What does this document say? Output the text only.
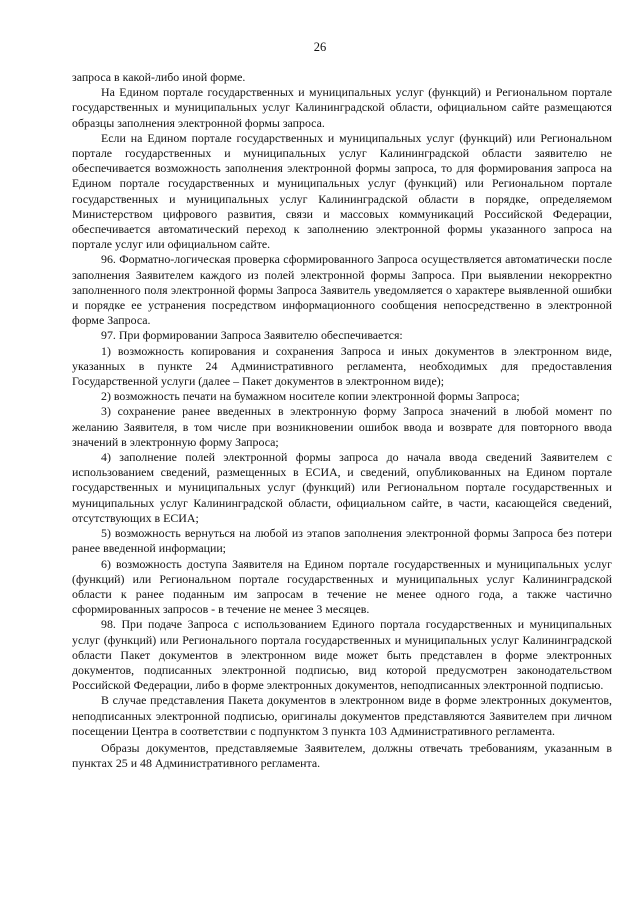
26

запроса в какой-либо иной форме.

На Едином портале государственных и муниципальных услуг (функций) и Региональном портале государственных и муниципальных услуг Калининградской области, официальном сайте размещаются образцы заполнения электронной формы запроса.

Если на Едином портале государственных и муниципальных услуг (функций) или Региональном портале государственных и муниципальных услуг Калининградской области заявителю не обеспечивается возможность заполнения электронной формы запроса, то для формирования запроса на Едином портале государственных и муниципальных услуг (функций) или Региональном портале государственных и муниципальных услуг Калининградской области в порядке, определяемом Министерством цифрового развития, связи и массовых коммуникаций Российской Федерации, обеспечивается автоматический переход к заполнению электронной формы указанного запроса на портале услуг или официальном сайте.

96. Форматно-логическая проверка сформированного Запроса осуществляется автоматически после заполнения Заявителем каждого из полей электронной формы Запроса. При выявлении некорректно заполненного поля электронной формы Запроса Заявитель уведомляется о характере выявленной ошибки и порядке ее устранения посредством информационного сообщения непосредственно в электронной форме Запроса.

97. При формировании Запроса Заявителю обеспечивается:

1) возможность копирования и сохранения Запроса и иных документов в электронном виде, указанных в пункте 24 Административного регламента, необходимых для предоставления Государственной услуги (далее – Пакет документов в электронном виде);

2) возможность печати на бумажном носителе копии электронной формы Запроса;

3) сохранение ранее введенных в электронную форму Запроса значений в любой момент по желанию Заявителя, в том числе при возникновении ошибок ввода и возврате для повторного ввода значений в электронную форму Запроса;

4) заполнение полей электронной формы запроса до начала ввода сведений Заявителем с использованием сведений, размещенных в ЕСИА, и сведений, опубликованных на Едином портале государственных и муниципальных услуг (функций) или Региональном портале государственных и муниципальных услуг Калининградской области, официальном сайте, в части, касающейся сведений, отсутствующих в ЕСИА;

5) возможность вернуться на любой из этапов заполнения электронной формы Запроса без потери ранее введенной информации;

6) возможность доступа Заявителя на Едином портале государственных и муниципальных услуг (функций) или Региональном портале государственных и муниципальных услуг Калининградской области к ранее поданным им запросам в течение не менее одного года, а также частично сформированных запросов - в течение не менее 3 месяцев.

98. При подаче Запроса с использованием Единого портала государственных и муниципальных услуг (функций) или Регионального портала государственных и муниципальных услуг Калининградской области Пакет документов в электронном виде может быть представлен в форме электронных документов, подписанных электронной подписью, вид которой предусмотрен законодательством Российской Федерации, либо в форме электронных документов, неподписанных электронной подписью.

В случае представления Пакета документов в электронном виде в форме электронных документов, неподписанных электронной подписью, оригиналы документов представляются Заявителем при личном посещении Центра в соответствии с подпунктом 3 пункта 103 Административного регламента.

Образы документов, представляемые Заявителем, должны отвечать требованиям, указанным в пунктах 25 и 48 Административного регламента.
